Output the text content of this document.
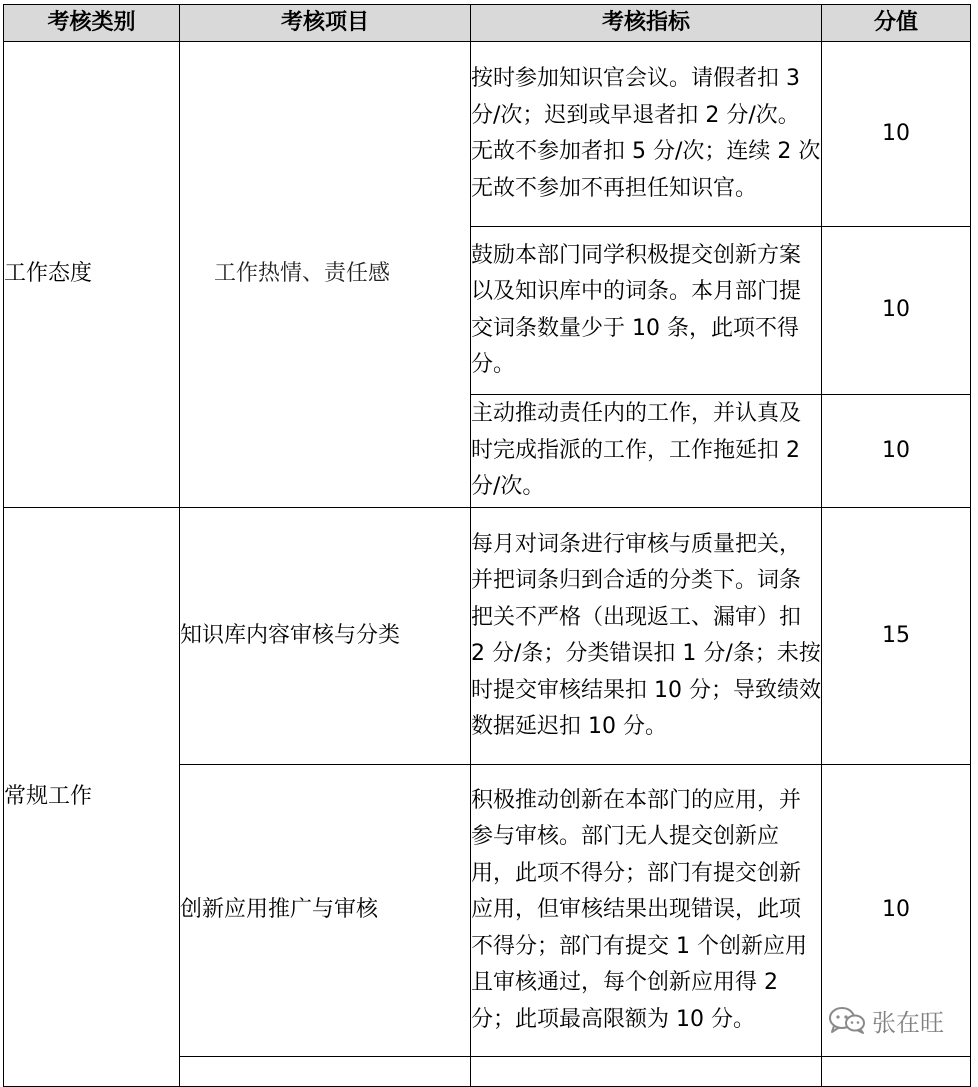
考核类别	考核项目	考核指标	分值
工作态度	工作热情、责任感	按时参加知识官会议。请假者扣 3 分/次；迟到或早退者扣 2 分/次。无故不参加者扣 5 分/次；连续 2 次无故不参加不再担任知识官。	10
		鼓励本部门同学积极提交创新方案以及知识库中的词条。本月部门提交词条数量少于 10 条，此项不得分。	10
		主动推动责任内的工作，并认真及时完成指派的工作，工作拖延扣 2 分/次。	10
常规工作	知识库内容审核与分类	每月对词条进行审核与质量把关，并把词条归到合适的分类下。词条把关不严格（出现返工、漏审）扣 2 分/条；分类错误扣 1 分/条；未按时提交审核结果扣 10 分；导致绩效数据延迟扣 10 分。	15
	创新应用推广与审核	积极推动创新在本部门的应用，并参与审核。部门无人提交创新应用，此项不得分；部门有提交创新应用，但审核结果出现错误，此项不得分；部门有提交 1 个创新应用且审核通过，每个创新应用得 2 分；此项最高限额为 10 分。	10

张在旺
